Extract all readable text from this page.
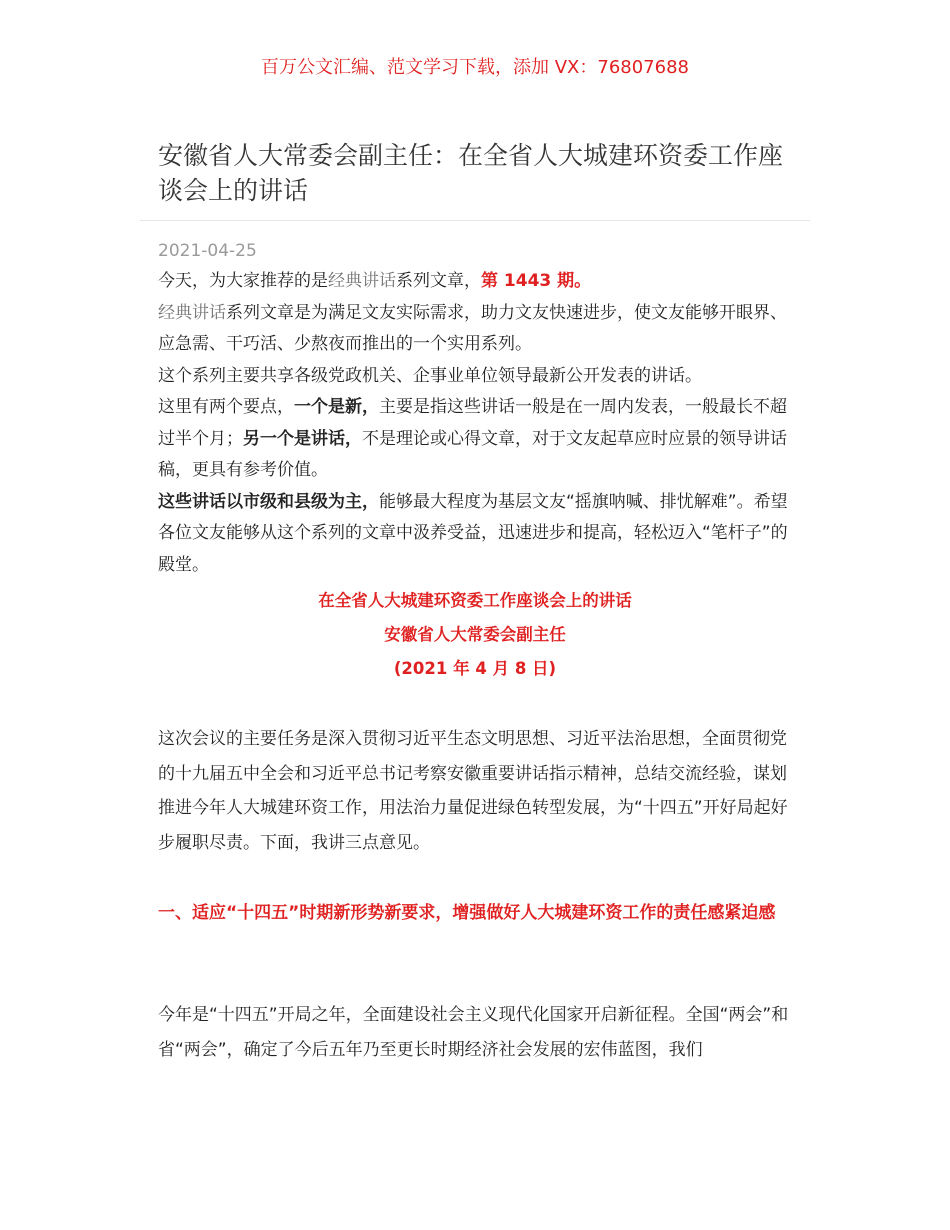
百万公文汇编、范文学习下载，添加 VX：76807688
安徽省人大常委会副主任：在全省人大城建环资委工作座谈会上的讲话
2021-04-25

今天，为大家推荐的是经典讲话系列文章，第 1443 期。

经典讲话系列文章是为满足文友实际需求，助力文友快速进步，使文友能够开眼界、应急需、干巧活、少熬夜而推出的一个实用系列。

这个系列主要共享各级党政机关、企事业单位领导最新公开发表的讲话。

这里有两个要点，一个是新，主要是指这些讲话一般是在一周内发表，一般最长不超过半个月；另一个是讲话，不是理论或心得文章，对于文友起草应时应景的领导讲话稿，更具有参考价值。

这些讲话以市级和县级为主，能够最大程度为基层文友“摇旗呐喊、排忧解难”。希望各位文友能够从这个系列的文章中汲养受益，迅速进步和提高，轻松迈入“笔杆子”的殿堂。

在全省人大城建环资委工作座谈会上的讲话
安徽省人大常委会副主任
(2021 年 4 月 8 日)

这次会议的主要任务是深入贯彻习近平生态文明思想、习近平法治思想，全面贯彻党的十九届五中全会和习近平总书记考察安徽重要讲话指示精神，总结交流经验，谋划推进今年人大城建环资工作，用法治力量促进绿色转型发展，为“十四五”开好局起好步履职尽责。下面，我讲三点意见。

一、适应“十四五”时期新形势新要求，增强做好人大城建环资工作的责任感紧迫感

今年是“十四五”开局之年，全面建设社会主义现代化国家开启新征程。全国“两会”和省“两会”，确定了今后五年乃至更长时期经济社会发展的宏伟蓝图，我们
